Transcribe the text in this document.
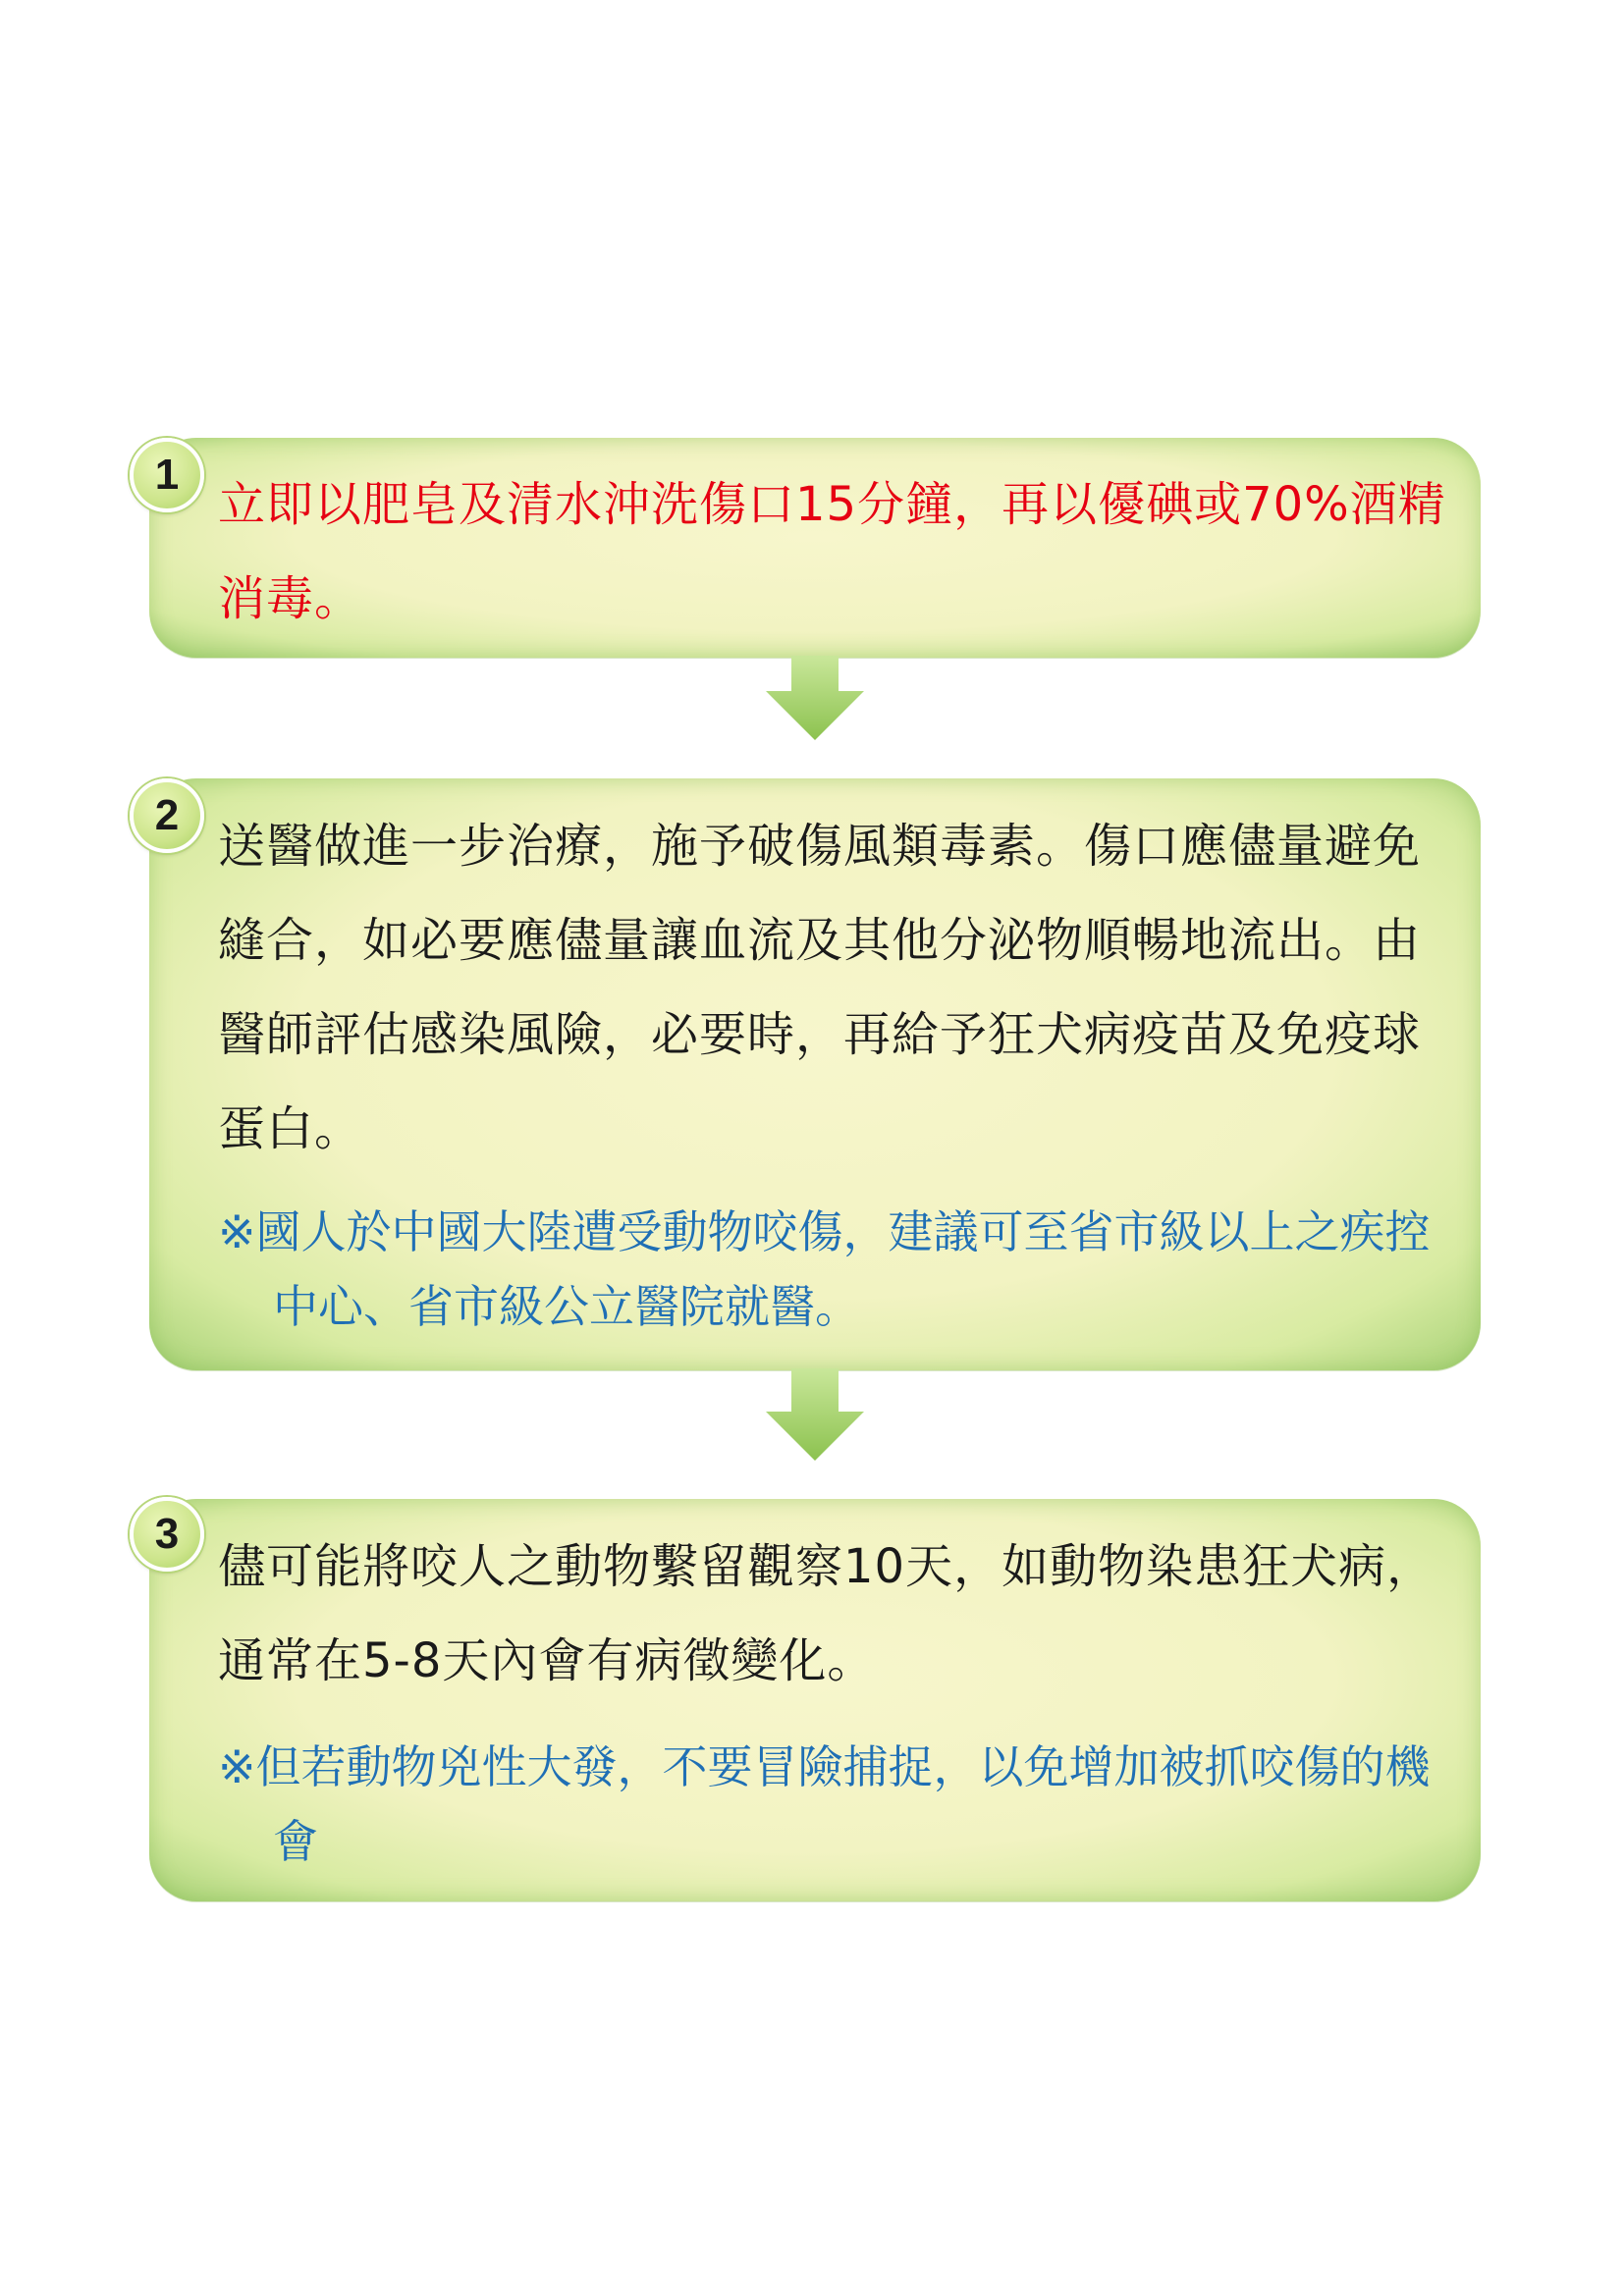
立即以肥皂及清水沖洗傷口15分鐘，再以優碘或70%酒精消毒。
1
送醫做進一步治療，施予破傷風類毒素。傷口應儘量避免縫合，如必要應儘量讓血流及其他分泌物順暢地流出。由醫師評估感染風險，必要時，再給予狂犬病疫苗及免疫球蛋白。
※國人於中國大陸遭受動物咬傷，建議可至省市級以上之疾控中心、省市級公立醫院就醫。
2
儘可能將咬人之動物繫留觀察10天，如動物染患狂犬病，通常在5-8天內會有病徵變化。
※但若動物兇性大發，不要冒險捕捉，以免增加被抓咬傷的機會
3
